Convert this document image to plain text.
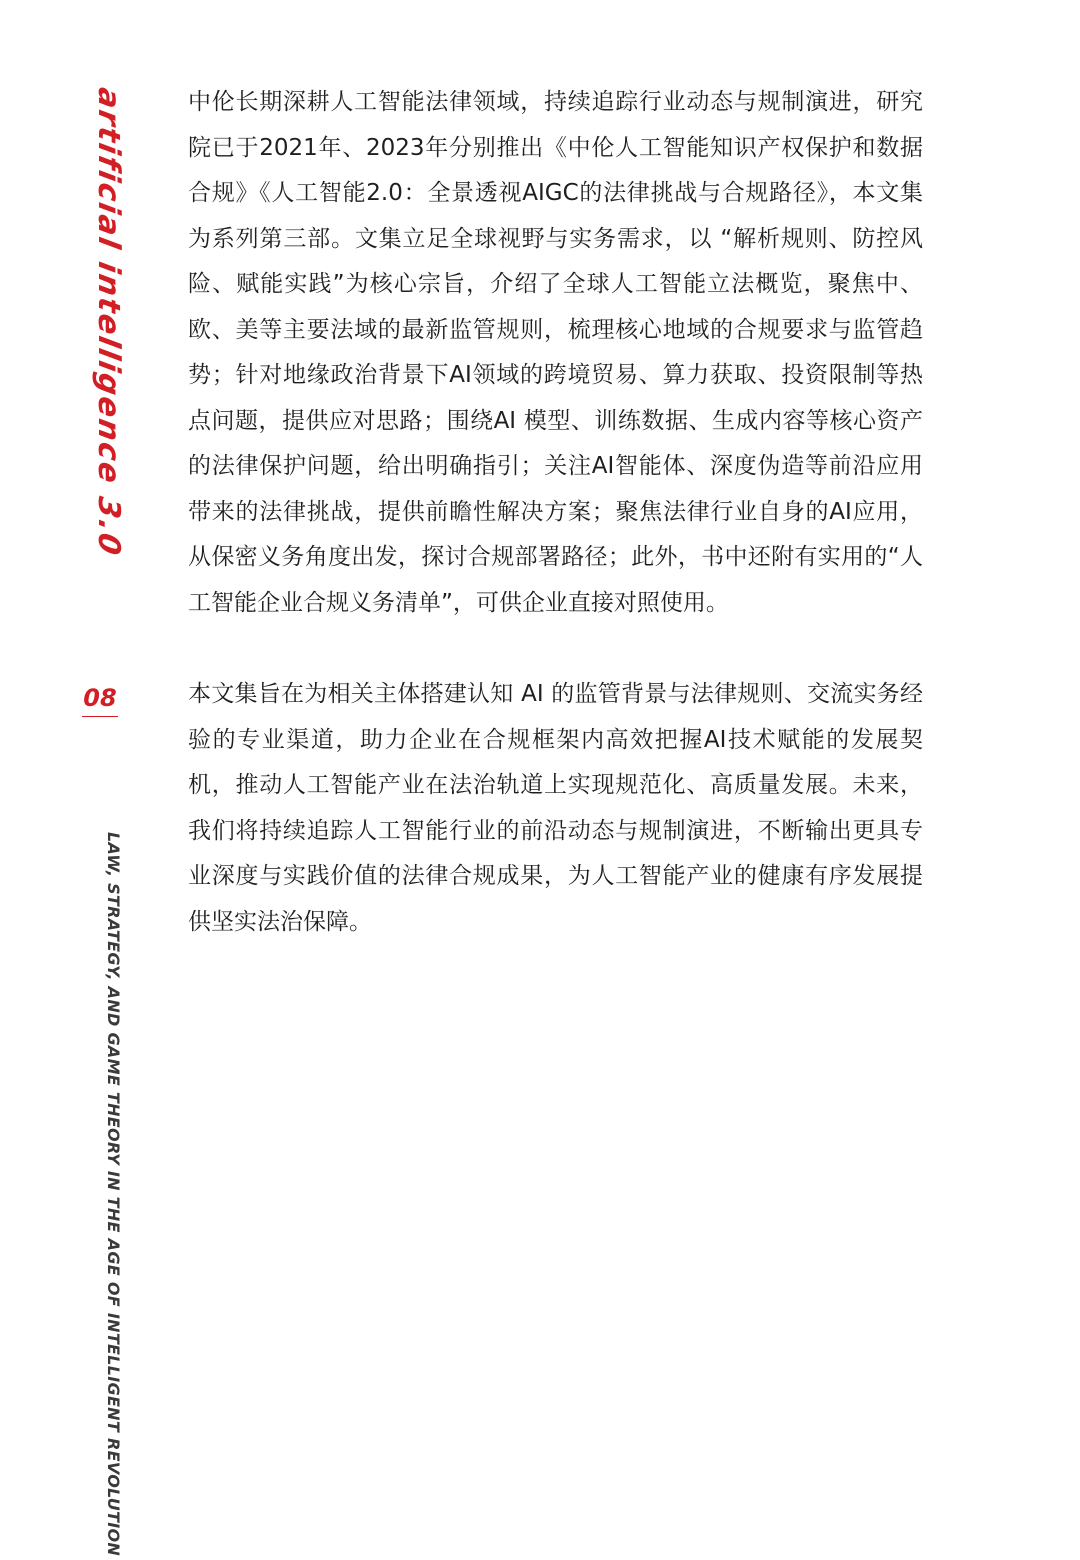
artificial intelligence 3.0
08
LAW, STRATEGY, AND GAME THEORY IN THE AGE OF INTELLIGENT REVOLUTION

中伦长期深耕人工智能法律领域，持续追踪行业动态与规制演进，研究院已于2021年、2023年分别推出《中伦人工智能知识产权保护和数据合规》《人工智能2.0：全景透视AIGC的法律挑战与合规路径》，本文集为系列第三部。文集立足全球视野与实务需求，以 “解析规则、防控风险、赋能实践”为核心宗旨，介绍了全球人工智能立法概览，聚焦中、欧、美等主要法域的最新监管规则，梳理核心地域的合规要求与监管趋势；针对地缘政治背景下AI领域的跨境贸易、算力获取、投资限制等热点问题，提供应对思路；围绕AI 模型、训练数据、生成内容等核心资产的法律保护问题，给出明确指引；关注AI智能体、深度伪造等前沿应用带来的法律挑战，提供前瞻性解决方案；聚焦法律行业自身的AI应用，从保密义务角度出发，探讨合规部署路径；此外，书中还附有实用的“人工智能企业合规义务清单”，可供企业直接对照使用。

本文集旨在为相关主体搭建认知 AI 的监管背景与法律规则、交流实务经验的专业渠道，助力企业在合规框架内高效把握AI技术赋能的发展契机，推动人工智能产业在法治轨道上实现规范化、高质量发展。未来，我们将持续追踪人工智能行业的前沿动态与规制演进，不断输出更具专业深度与实践价值的法律合规成果，为人工智能产业的健康有序发展提供坚实法治保障。
